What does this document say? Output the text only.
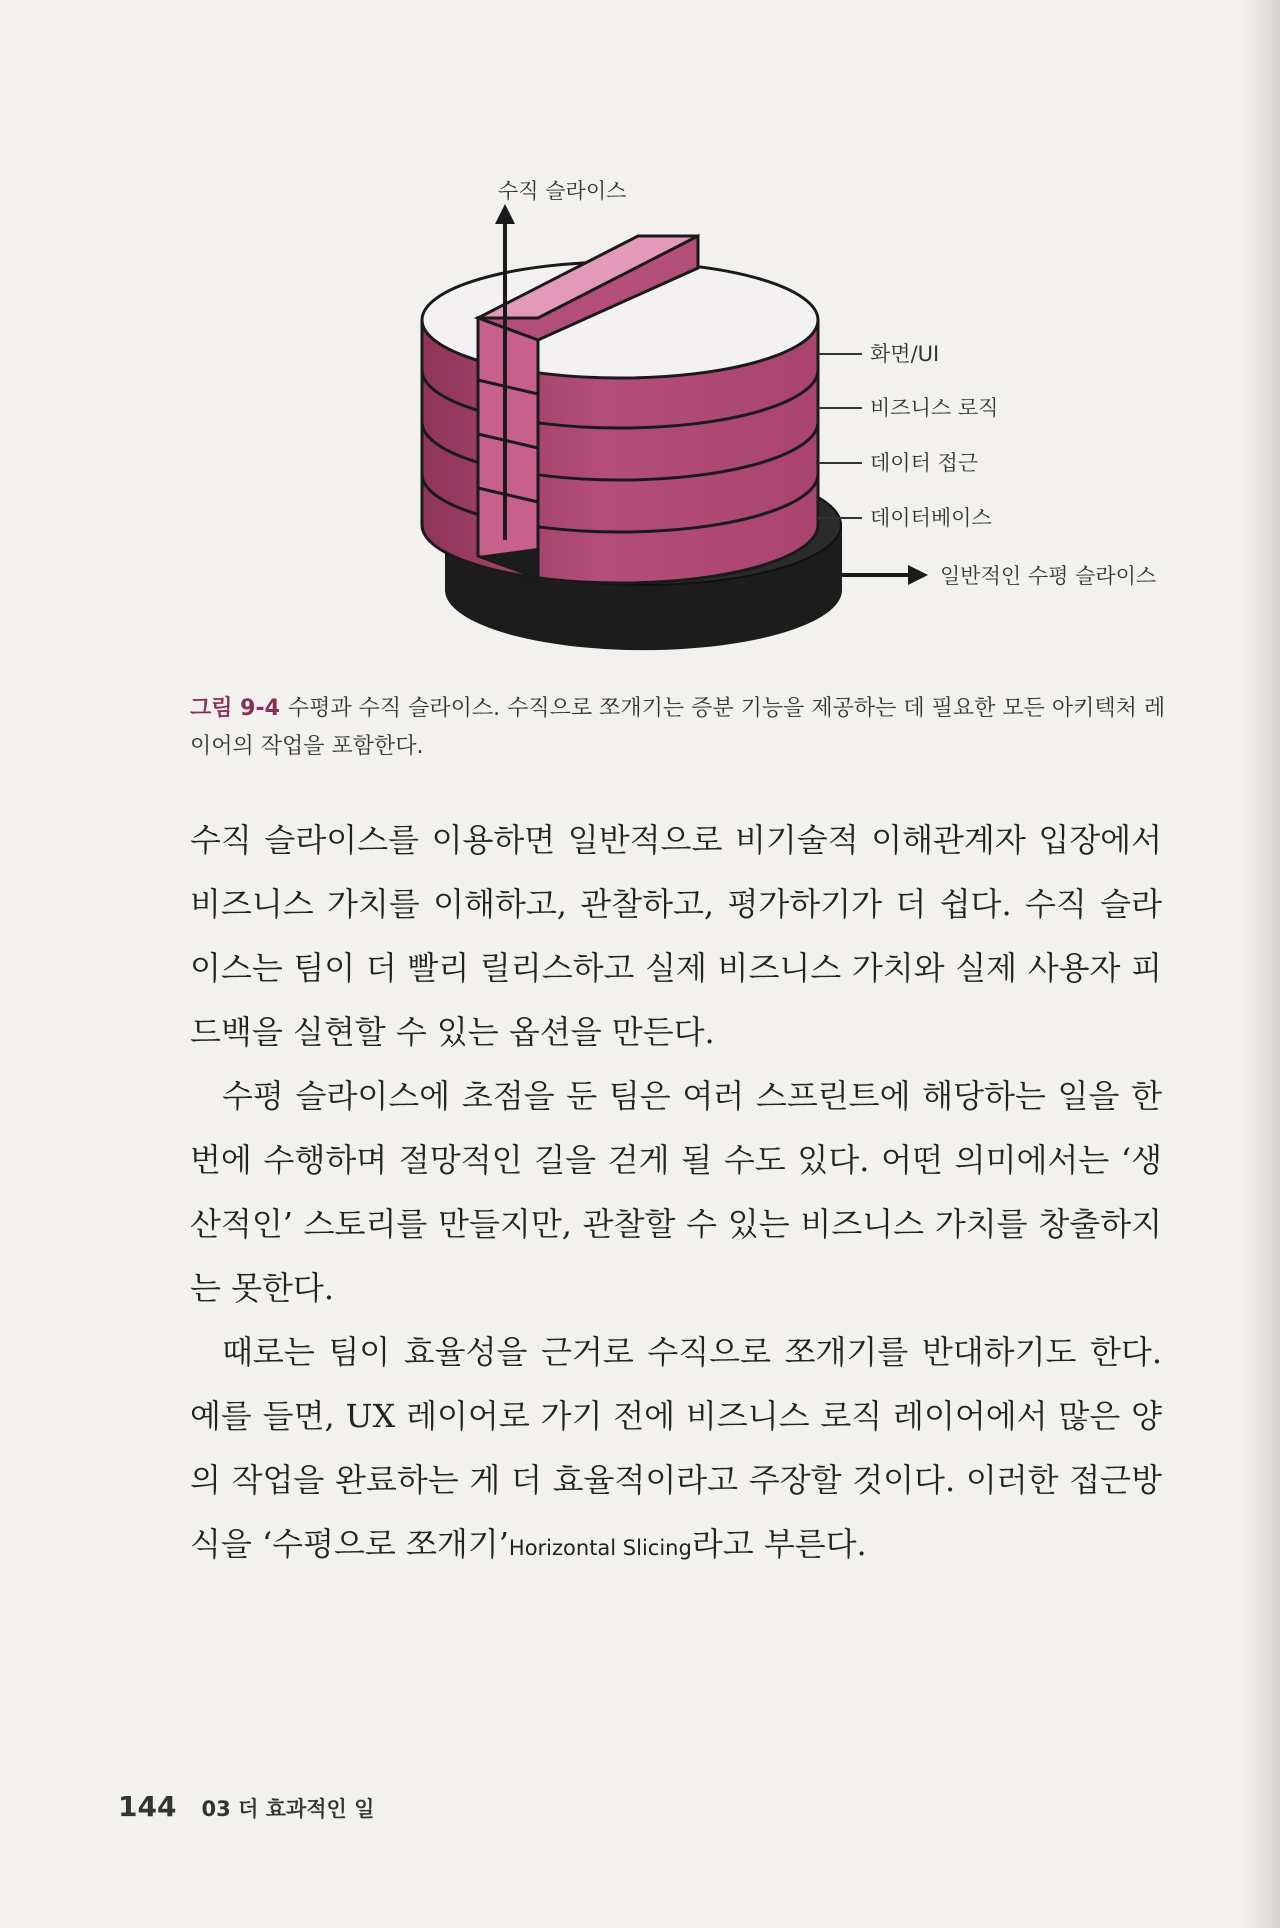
수직 슬라이스
화면/UI
비즈니스 로직
데이터 접근
데이터베이스
일반적인 수평 슬라이스
그림 9-4 수평과 수직 슬라이스. 수직으로 쪼개기는 증분 기능을 제공하는 데 필요한 모든 아키텍처 레이어의 작업을 포함한다.

수직 슬라이스를 이용하면 일반적으로 비기술적 이해관계자 입장에서 비즈니스 가치를 이해하고, 관찰하고, 평가하기가 더 쉽다. 수직 슬라이스는 팀이 더 빨리 릴리스하고 실제 비즈니스 가치와 실제 사용자 피드백을 실현할 수 있는 옵션을 만든다.

수평 슬라이스에 초점을 둔 팀은 여러 스프린트에 해당하는 일을 한 번에 수행하며 절망적인 길을 걷게 될 수도 있다. 어떤 의미에서는 ‘생산적인’ 스토리를 만들지만, 관찰할 수 있는 비즈니스 가치를 창출하지는 못한다.

때로는 팀이 효율성을 근거로 수직으로 쪼개기를 반대하기도 한다. 예를 들면, UX 레이어로 가기 전에 비즈니스 로직 레이어에서 많은 양의 작업을 완료하는 게 더 효율적이라고 주장할 것이다. 이러한 접근방식을 ‘수평으로 쪼개기’Horizontal Slicing라고 부른다.

144 03 더 효과적인 일
